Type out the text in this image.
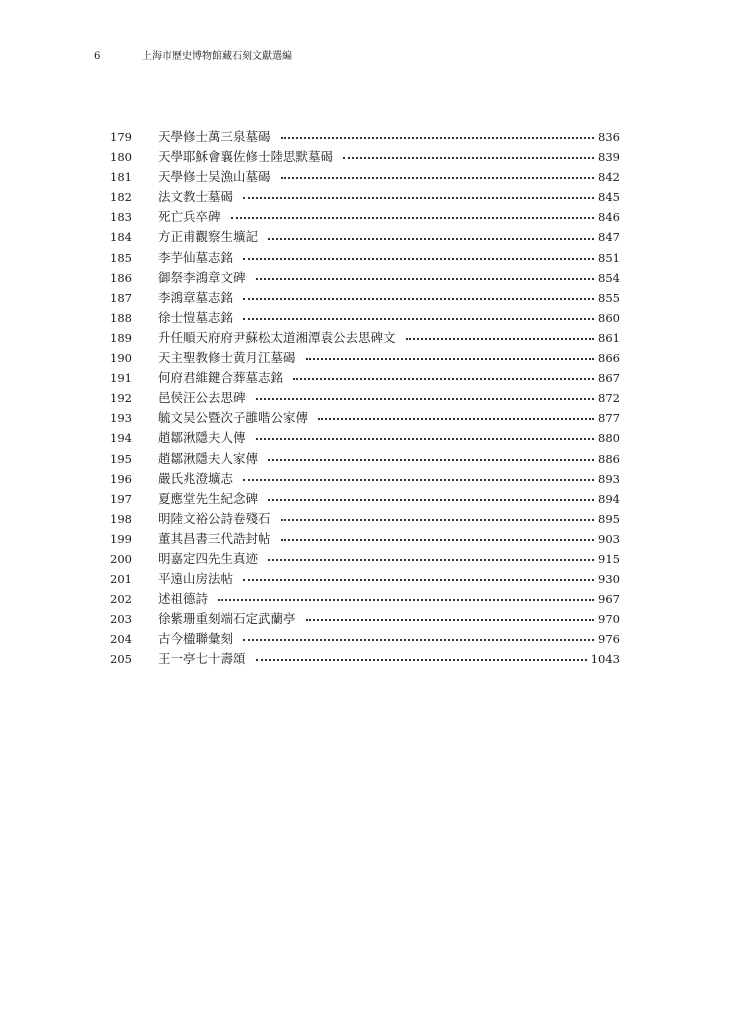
6	上海市歷史博物館藏石刻文獻選編
179	天學修士萬三泉墓碣	836
180	天學耶穌會襄佐修士陸思默墓碣	839
181	天學修士吴漁山墓碣	842
182	法文教士墓碣	845
183	死亡兵卒碑	846
184	方正甫觀察生壙記	847
185	李芋仙墓志銘	851
186	御祭李鴻章文碑	854
187	李鴻章墓志銘	855
188	徐士愷墓志銘	860
189	升任順天府府尹蘇松太道湘潭袁公去思碑文	861
190	天主聖教修士黄月江墓碣	866
191	何府君維鍵合葬墓志銘	867
192	邑侯汪公去思碑	872
193	毓文吴公暨次子雝喈公家傳	877
194	趙鄒湫隱夫人傳	880
195	趙鄒湫隱夫人家傳	886
196	嚴氏兆澄壙志	893
197	夏應堂先生紀念碑	894
198	明陸文裕公詩卷殘石	895
199	董其昌書三代誥封帖	903
200	明嘉定四先生真迹	915
201	平遠山房法帖	930
202	述祖德詩	967
203	徐紫珊重刻端石定武蘭亭	970
204	古今楹聯彙刻	976
205	王一亭七十壽頌	1043
